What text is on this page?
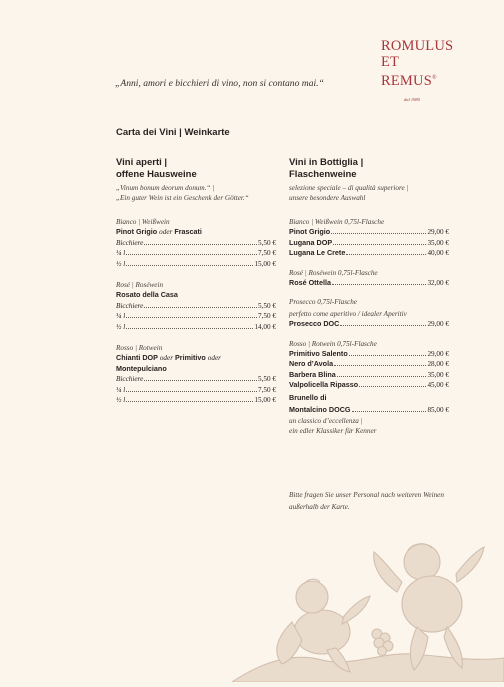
ROMULUS
ET
REMUS®
dal 1980
„Anni, amori e bicchieri di vino, non si contano mai.“
Carta dei Vini | Weinkarte
Vini aperti |
offene Hausweine
„Vinum bonum deorum donum.“ |
„Ein guter Wein ist ein Geschenk der Götter.“
Bianco | Weißwein
Pinot Grigio oder Frascati
Bicchiere	5,50 €
¼ l	7,50 €
½ l	15,00 €
Rosé | Roséwein
Rosato della Casa
Bicchiere	5,50 €
¼ l	7,50 €
½ l	14,00 €
Rosso | Rotwein
Chianti DOP oder Primitivo oder
Montepulciano
Bicchiere	5,50 €
¼ l	7,50 €
½ l	15,00 €
Vini in Bottiglia |
Flaschenweine
selezione speciale – di qualità superiore |
unsere besondere Auswahl
Bianco | Weißwein 0,75l-Flasche
Pinot Grigio	29,00 €
Lugana DOP	35,00 €
Lugana Le Crete	40,00 €
Rosé | Roséwein 0,75l-Flasche
Rosé Ottella	32,00 €
Prosecco 0,75l-Flasche
perfetto come aperitivo / idealer Aperitiv
Prosecco DOC	29,00 €
Rosso | Rotwein 0,75l-Flasche
Primitivo Salento	29,00 €
Nero d’Avola	28,00 €
Barbera Blina	35,00 €
Valpolicella Ripasso	45,00 €
Brunello di
Montalcino DOCG	85,00 €
un classico d’eccellenza |
ein edler Klassiker für Kenner
Bitte fragen Sie unser Personal nach weiteren Weinen außerhalb der Karte.
